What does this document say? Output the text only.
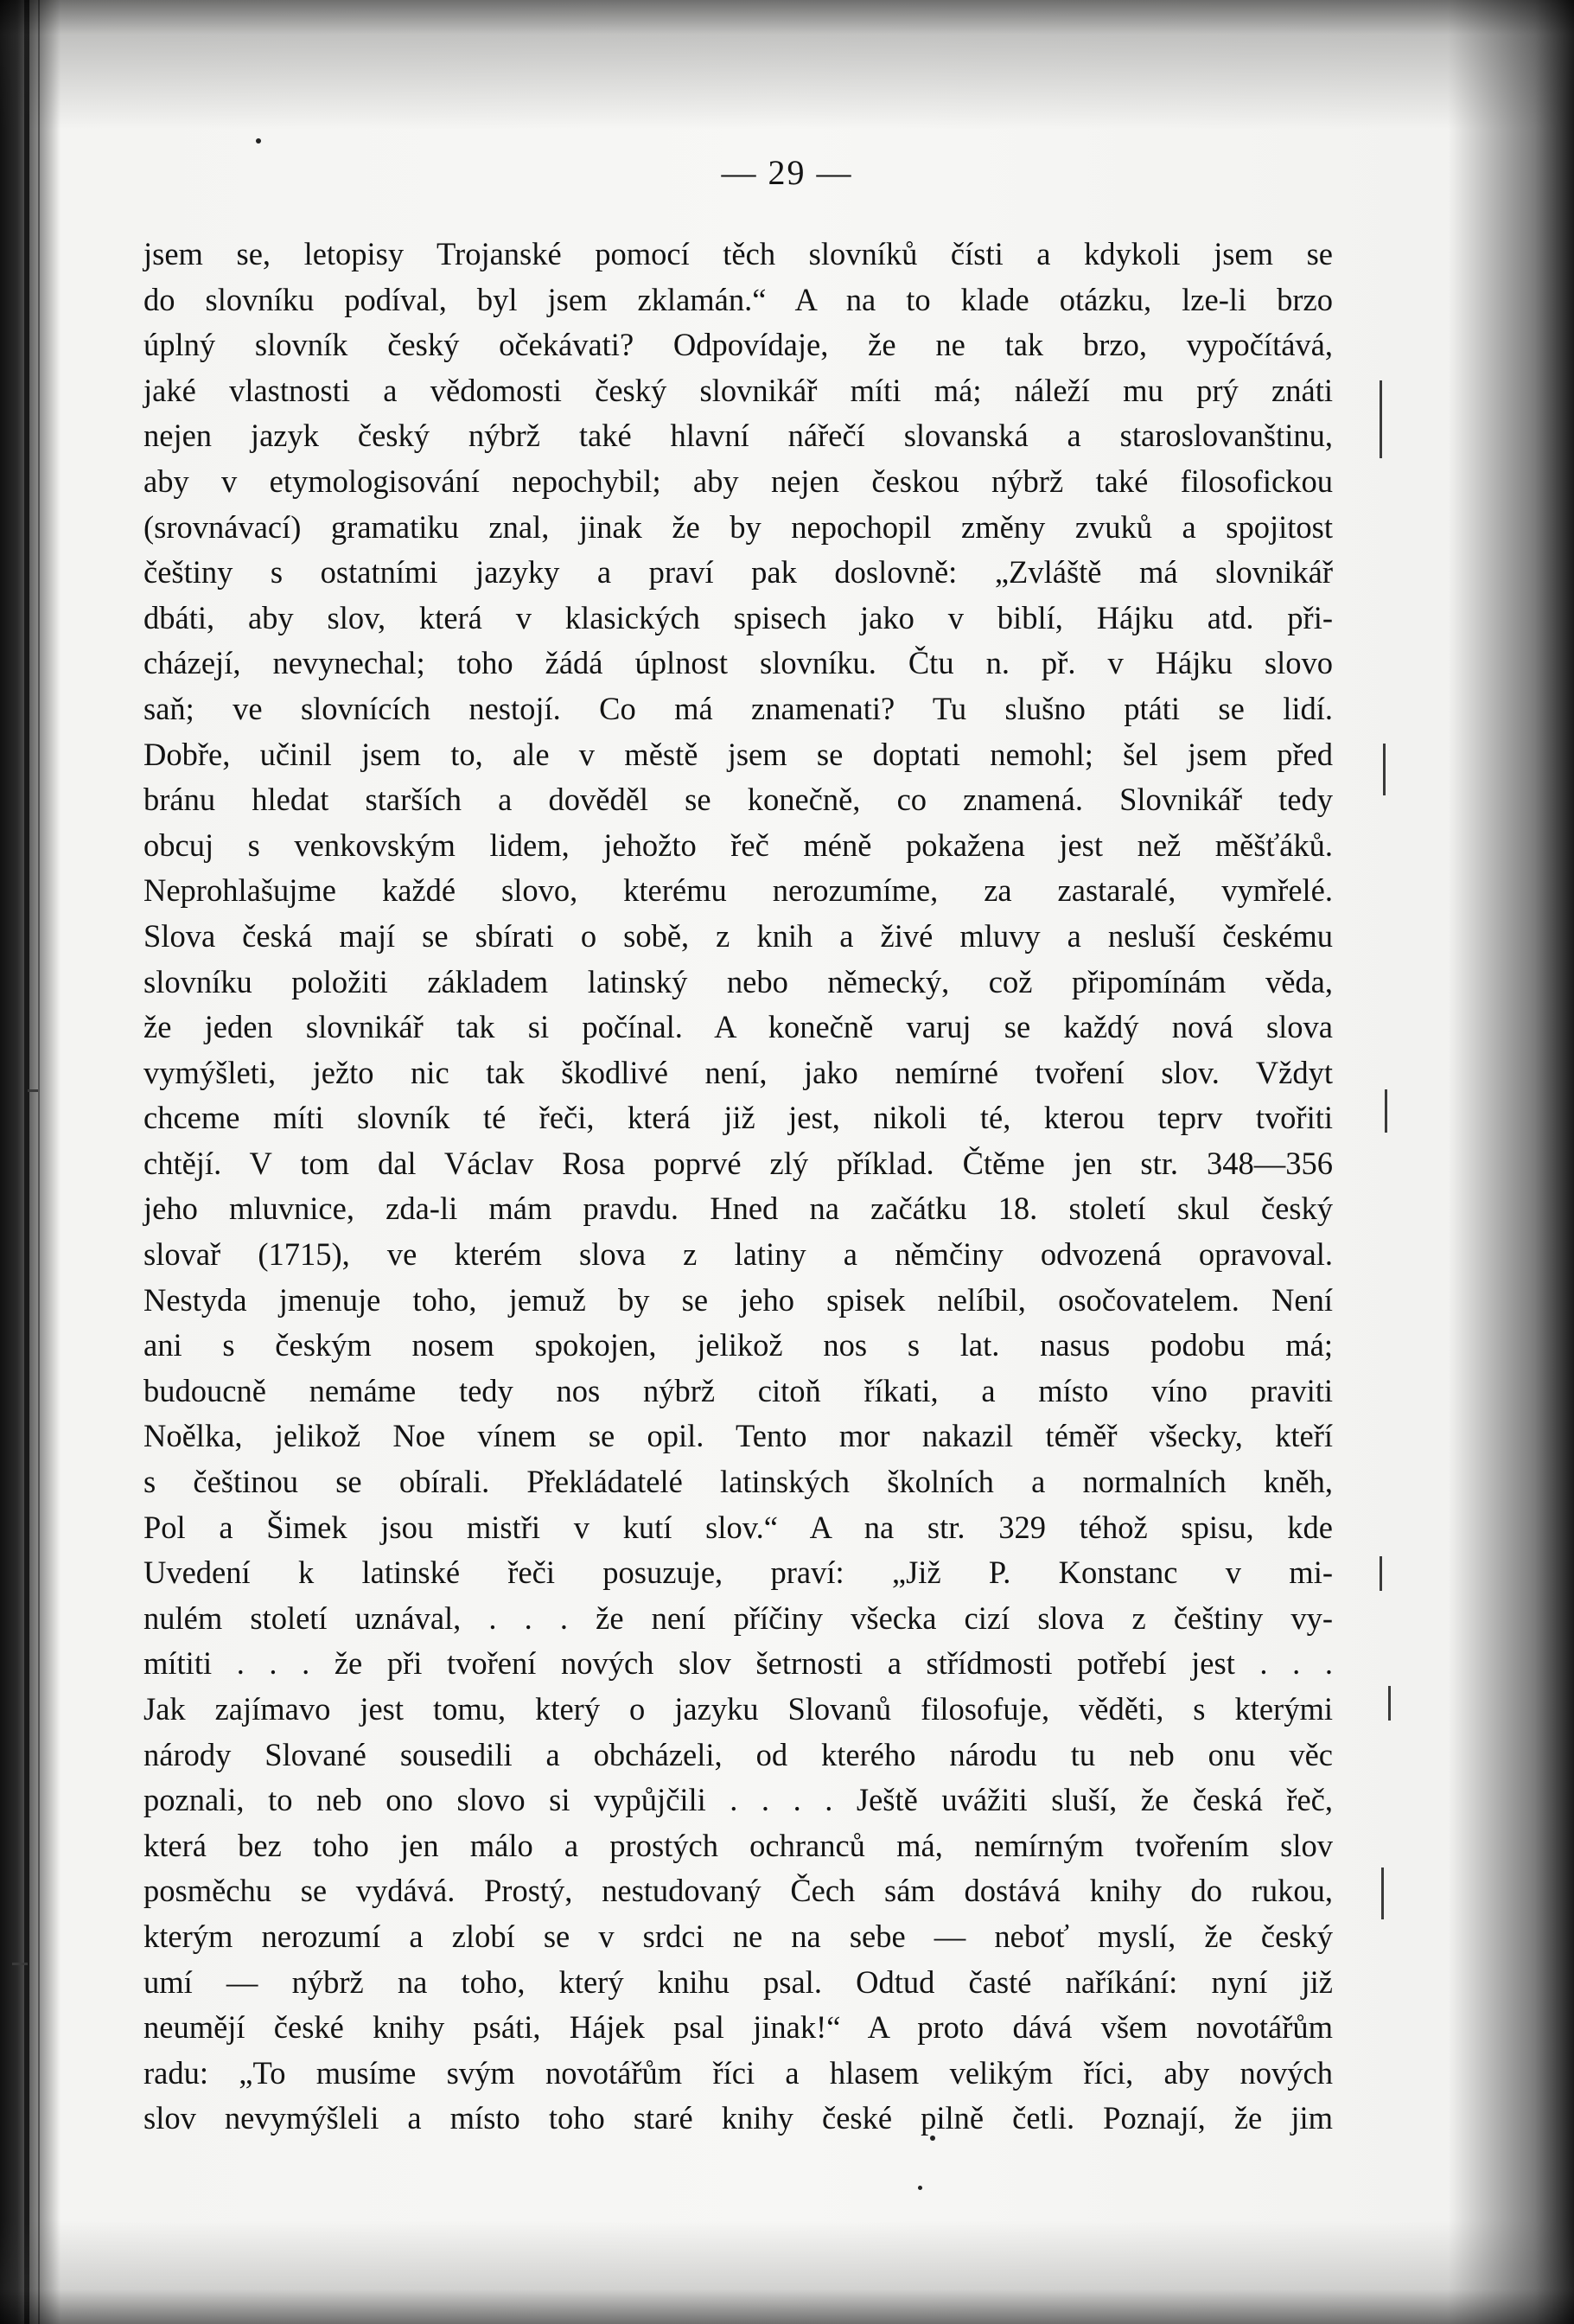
— 29 —
jsem se, letopisy Trojanské pomocí těch slovníků čísti a kdykoli jsem se
do slovníku podíval, byl jsem zklamán.“ A na to klade otázku, lze-li brzo
úplný slovník český očekávati? Odpovídaje, že ne tak brzo, vypočítává,
jaké vlastnosti a vědomosti český slovnikář míti má; náleží mu prý znáti
nejen jazyk český nýbrž také hlavní nářečí slovanská a staroslovanštinu,
aby v etymologisování nepochybil; aby nejen českou nýbrž také filosofickou
(srovnávací) gramatiku znal, jinak že by nepochopil změny zvuků a spojitost
češtiny s ostatními jazyky a praví pak doslovně: „Zvláště má slovnikář
dbáti, aby slov, která v klasických spisech jako v biblí, Hájku atd. při-
cházejí, nevynechal; toho žádá úplnost slovníku. Čtu n. př. v Hájku slovo
saň; ve slovnících nestojí. Co má znamenati? Tu slušno ptáti se lidí.
Dobře, učinil jsem to, ale v městě jsem se doptati nemohl; šel jsem před
bránu hledat starších a dověděl se konečně, co znamená. Slovnikář tedy
obcuj s venkovským lidem, jehožto řeč méně pokažena jest než měšťáků.
Neprohlašujme každé slovo, kterému nerozumíme, za zastaralé, vymřelé.
Slova česká mají se sbírati o sobě, z knih a živé mluvy a nesluší českému
slovníku položiti základem latinský nebo německý, což připomínám věda,
že jeden slovnikář tak si počínal. A konečně varuj se každý nová slova
vymýšleti, ježto nic tak škodlivé není, jako nemírné tvoření slov. Vždyt
chceme míti slovník té řeči, která již jest, nikoli té, kterou teprv tvořiti
chtějí. V tom dal Václav Rosa poprvé zlý příklad. Čtěme jen str. 348—356
jeho mluvnice, zda-li mám pravdu. Hned na začátku 18. století skul český
slovař (1715), ve kterém slova z latiny a němčiny odvozená opravoval.
Nestyda jmenuje toho, jemuž by se jeho spisek nelíbil, osočovatelem. Není
ani s českým nosem spokojen, jelikož nos s lat. nasus podobu má;
budoucně nemáme tedy nos nýbrž citoň říkati, a místo víno praviti
Noělka, jelikož Noe vínem se opil. Tento mor nakazil téměř všecky, kteří
s češtinou se obírali. Překládatelé latinských školních a normalních kněh,
Pol a Šimek jsou mistři v kutí slov.“ A na str. 329 téhož spisu, kde
Uvedení k latinské řeči posuzuje, praví: „Již P. Konstanc v mi-
nulém století uznával, . . . že není příčiny všecka cizí slova z češtiny vy-
mítiti . . . že při tvoření nových slov šetrnosti a střídmosti potřebí jest . . .
Jak zajímavo jest tomu, který o jazyku Slovanů filosofuje, věděti, s kterými
národy Slované sousedili a obcházeli, od kterého národu tu neb onu věc
poznali, to neb ono slovo si vypůjčili . . . . Ještě uvážiti sluší, že česká řeč,
která bez toho jen málo a prostých ochranců má, nemírným tvořením slov
posměchu se vydává. Prostý, nestudovaný Čech sám dostává knihy do rukou,
kterým nerozumí a zlobí se v srdci ne na sebe — neboť myslí, že český
umí — nýbrž na toho, který knihu psal. Odtud časté naříkání: nyní již
neumějí české knihy psáti, Hájek psal jinak!“ A proto dává všem novotářům
radu: „To musíme svým novotářům říci a hlasem velikým říci, aby nových
slov nevymýšleli a místo toho staré knihy české pilně četli. Poznají, že jim
